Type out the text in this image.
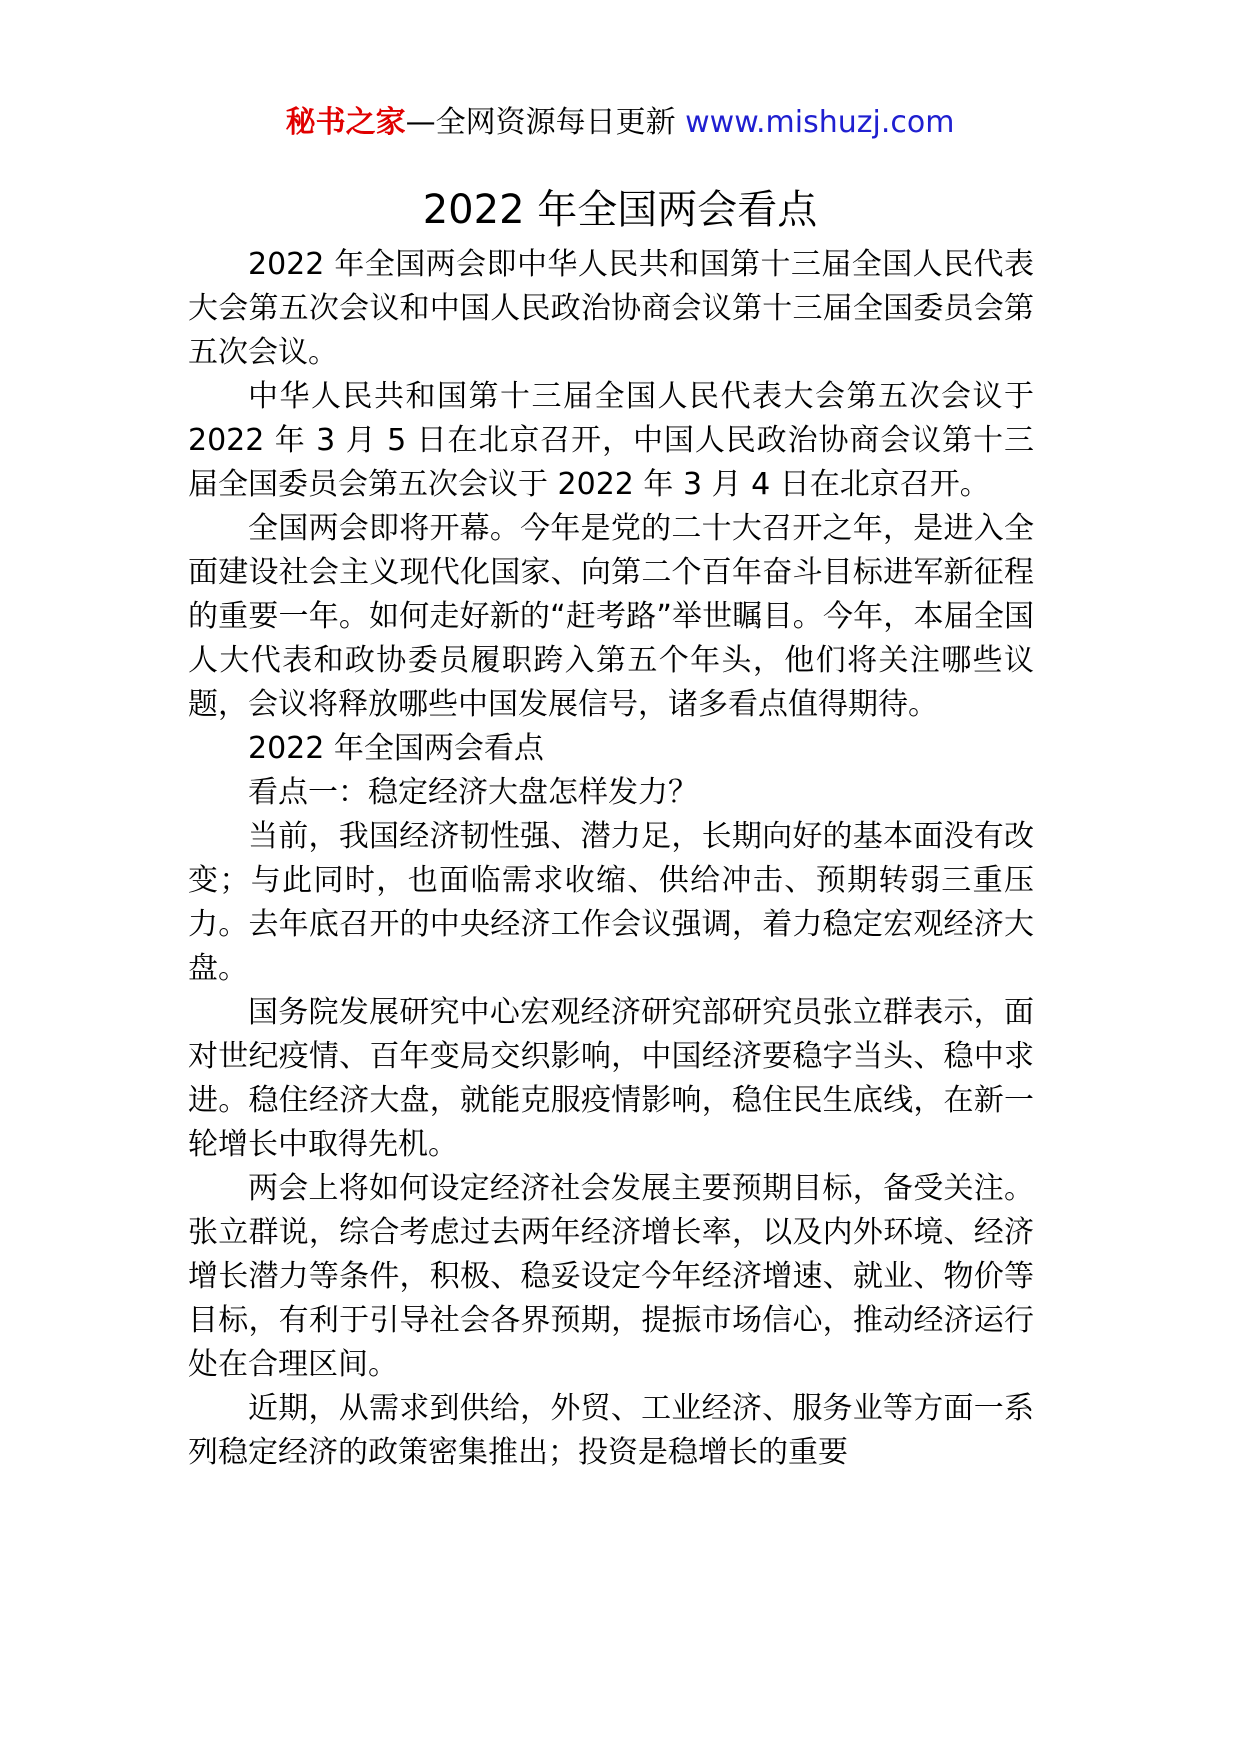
秘书之家—全网资源每日更新 www.mishuzj.com
2022 年全国两会看点

2022 年全国两会即中华人民共和国第十三届全国人民代表大会第五次会议和中国人民政治协商会议第十三届全国委员会第五次会议。

中华人民共和国第十三届全国人民代表大会第五次会议于 2022 年 3 月 5 日在北京召开，中国人民政治协商会议第十三届全国委员会第五次会议于 2022 年 3 月 4 日在北京召开。

全国两会即将开幕。今年是党的二十大召开之年，是进入全面建设社会主义现代化国家、向第二个百年奋斗目标进军新征程的重要一年。如何走好新的“赶考路”举世瞩目。今年，本届全国人大代表和政协委员履职跨入第五个年头，他们将关注哪些议题，会议将释放哪些中国发展信号，诸多看点值得期待。

2022 年全国两会看点

看点一：稳定经济大盘怎样发力？

当前，我国经济韧性强、潜力足，长期向好的基本面没有改变；与此同时，也面临需求收缩、供给冲击、预期转弱三重压力。去年底召开的中央经济工作会议强调，着力稳定宏观经济大盘。

国务院发展研究中心宏观经济研究部研究员张立群表示，面对世纪疫情、百年变局交织影响，中国经济要稳字当头、稳中求进。稳住经济大盘，就能克服疫情影响，稳住民生底线，在新一轮增长中取得先机。

两会上将如何设定经济社会发展主要预期目标，备受关注。张立群说，综合考虑过去两年经济增长率，以及内外环境、经济增长潜力等条件，积极、稳妥设定今年经济增速、就业、物价等目标，有利于引导社会各界预期，提振市场信心，推动经济运行处在合理区间。

近期，从需求到供给，外贸、工业经济、服务业等方面一系列稳定经济的政策密集推出；投资是稳增长的重要
